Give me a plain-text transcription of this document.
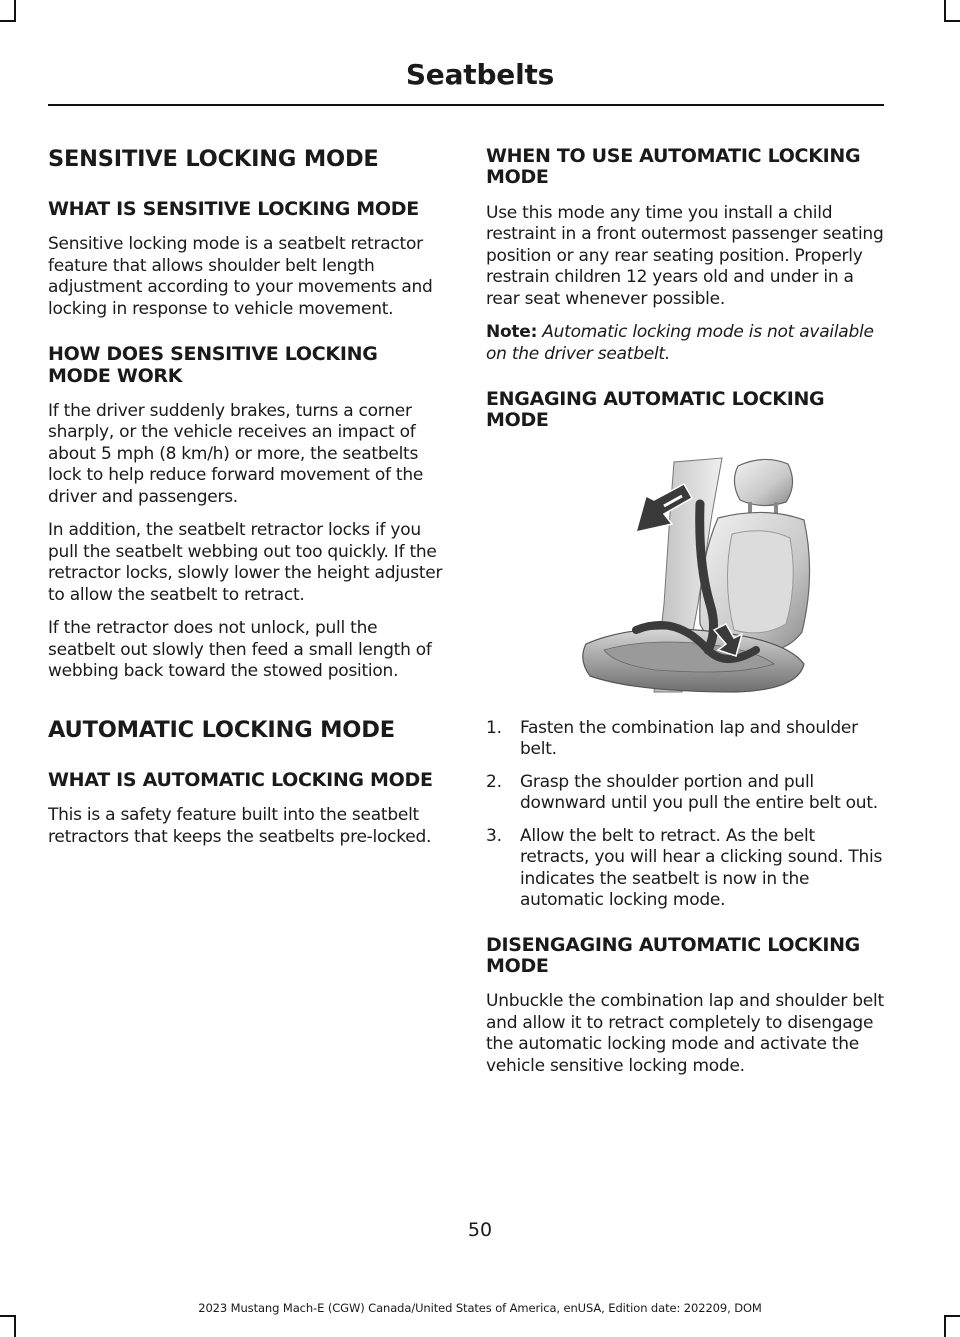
Seatbelts
SENSITIVE LOCKING MODE
WHAT IS SENSITIVE LOCKING MODE

Sensitive locking mode is a seatbelt retractor feature that allows shoulder belt length adjustment according to your movements and locking in response to vehicle movement.

HOW DOES SENSITIVE LOCKING MODE WORK

If the driver suddenly brakes, turns a corner sharply, or the vehicle receives an impact of about 5 mph (8 km/h) or more, the seatbelts lock to help reduce forward movement of the driver and passengers.

In addition, the seatbelt retractor locks if you pull the seatbelt webbing out too quickly. If the retractor locks, slowly lower the height adjuster to allow the seatbelt to retract.

If the retractor does not unlock, pull the seatbelt out slowly then feed a small length of webbing back toward the stowed position.

AUTOMATIC LOCKING MODE
WHAT IS AUTOMATIC LOCKING MODE

This is a safety feature built into the seatbelt retractors that keeps the seatbelts pre-locked.

WHEN TO USE AUTOMATIC LOCKING MODE

Use this mode any time you install a child restraint in a front outermost passenger seating position or any rear seating position. Properly restrain children 12 years old and under in a rear seat whenever possible.

Note: Automatic locking mode is not available on the driver seatbelt.

ENGAGING AUTOMATIC LOCKING MODE
1. Fasten the combination lap and shoulder belt.
2. Grasp the shoulder portion and pull downward until you pull the entire belt out.
3. Allow the belt to retract. As the belt retracts, you will hear a clicking sound. This indicates the seatbelt is now in the automatic locking mode.
DISENGAGING AUTOMATIC LOCKING MODE

Unbuckle the combination lap and shoulder belt and allow it to retract completely to disengage the automatic locking mode and activate the vehicle sensitive locking mode.

50
2023 Mustang Mach-E (CGW) Canada/United States of America, enUSA, Edition date: 202209, DOM
